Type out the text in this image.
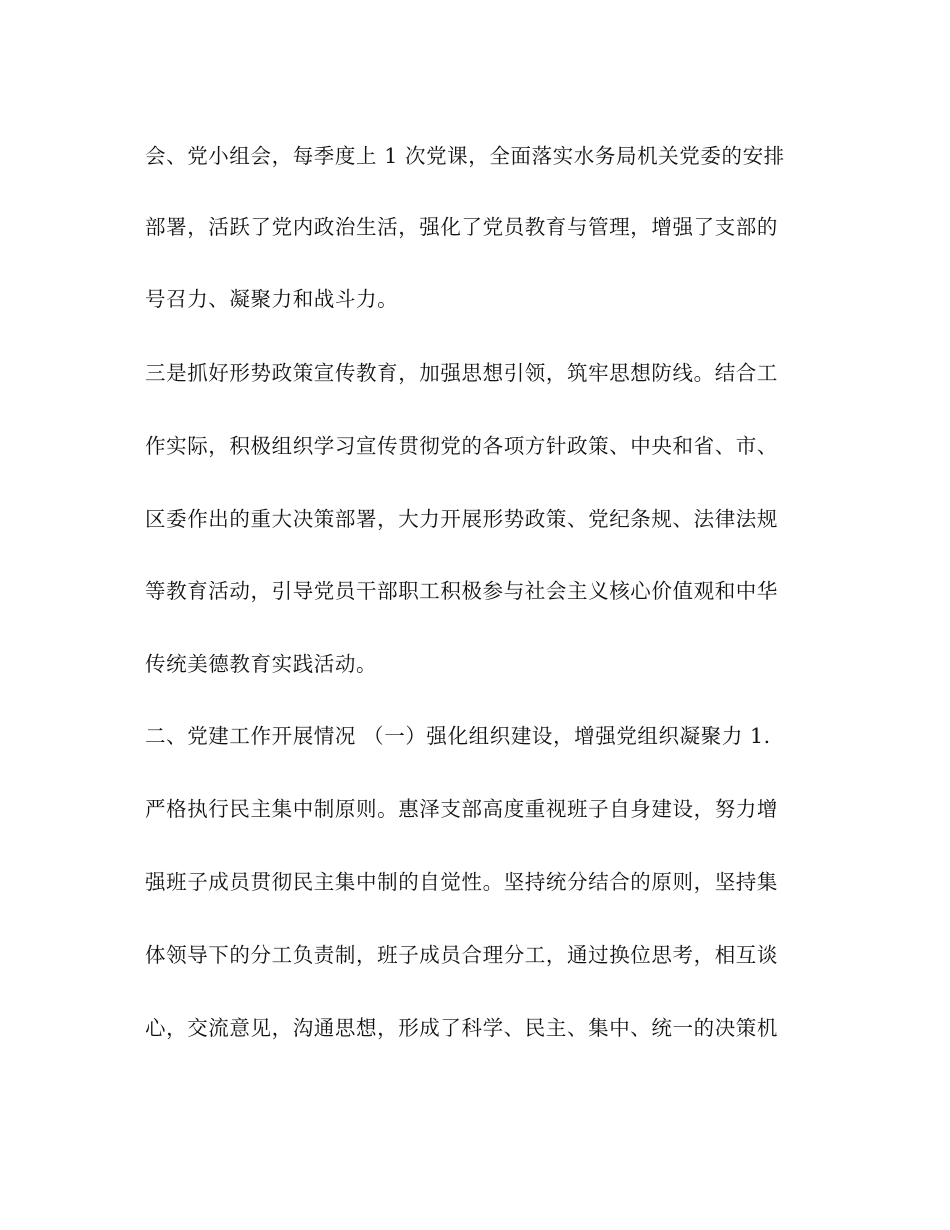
会、党小组会，每季度上 1 次党课，全面落实水务局机关党委的安排
部署，活跃了党内政治生活，强化了党员教育与管理，增强了支部的
号召力、凝聚力和战斗力。
三是抓好形势政策宣传教育，加强思想引领，筑牢思想防线。结合工
作实际，积极组织学习宣传贯彻党的各项方针政策、中央和省、市、
区委作出的重大决策部署，大力开展形势政策、党纪条规、法律法规
等教育活动，引导党员干部职工积极参与社会主义核心价值观和中华
传统美德教育实践活动。
二、党建工作开展情况 （一）强化组织建设，增强党组织凝聚力 1.
严格执行民主集中制原则。惠泽支部高度重视班子自身建设，努力增
强班子成员贯彻民主集中制的自觉性。坚持统分结合的原则，坚持集
体领导下的分工负责制，班子成员合理分工，通过换位思考，相互谈
心，交流意见，沟通思想，形成了科学、民主、集中、统一的决策机
